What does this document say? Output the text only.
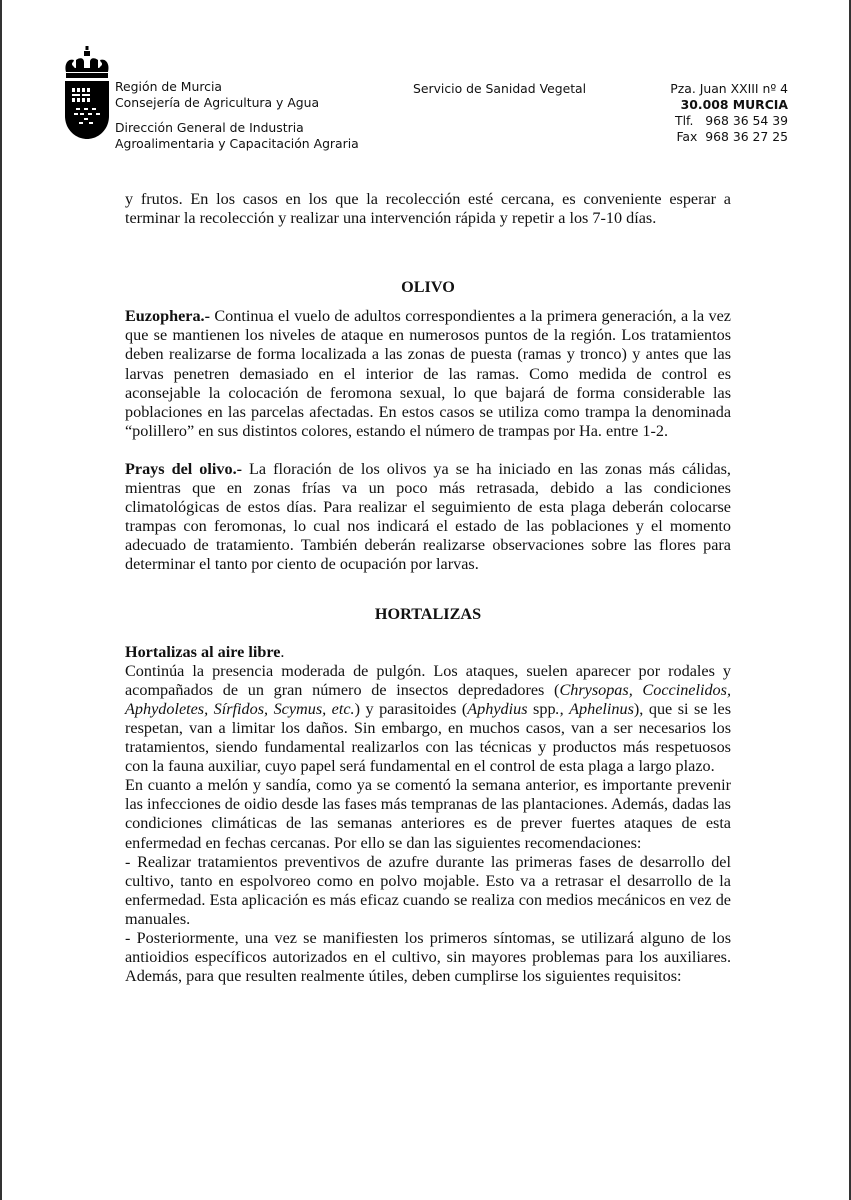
Región de Murcia
Consejería de Agricultura y Agua
Dirección General de Industria
Agroalimentaria y Capacitación Agraria
Servicio de Sanidad Vegetal	Pza. Juan XXIII nº 4
30.008 MURCIA
Tlf.   968 36 54 39
Fax  968 36 27 25

y frutos. En los casos en los que la recolección esté cercana, es conveniente esperar a terminar la recolección y realizar una intervención rápida y repetir a los 7-10 días.

OLIVO

Euzophera.- Continua el vuelo de adultos correspondientes a la primera generación, a la vez que se mantienen los niveles de ataque en numerosos puntos de la región. Los tratamientos deben realizarse de forma localizada a las zonas de puesta (ramas y tronco) y antes que las larvas penetren demasiado en el interior de las ramas. Como medida de control es aconsejable la colocación de feromona sexual, lo que bajará de forma considerable las poblaciones en las parcelas afectadas. En estos casos se utiliza como trampa la denominada “polillero” en sus distintos colores, estando el número de trampas por Ha. entre 1-2.

Prays del olivo.- La floración de los olivos ya se ha iniciado en las zonas más cálidas, mientras que en zonas frías va un poco más retrasada, debido a las condiciones climatológicas de estos días. Para realizar el seguimiento de esta plaga deberán colocarse trampas con feromonas, lo cual nos indicará el estado de las poblaciones y el momento adecuado de tratamiento. También deberán realizarse observaciones sobre las flores para determinar el tanto por ciento de ocupación por larvas.

HORTALIZAS

Hortalizas al aire libre.

Continúa la presencia moderada de pulgón. Los ataques, suelen aparecer por rodales y acompañados de un gran número de insectos depredadores (Chrysopas, Coccinelidos, Aphydoletes, Sírfidos, Scymus, etc.) y parasitoides (Aphydius spp., Aphelinus), que si se les respetan, van a limitar los daños. Sin embargo, en muchos casos, van a ser necesarios los tratamientos, siendo fundamental realizarlos con las técnicas y productos más respetuosos con la fauna auxiliar, cuyo papel será fundamental en el control de esta plaga a largo plazo.

En cuanto a melón y sandía, como ya se comentó la semana anterior, es importante prevenir las infecciones de oidio desde las fases más tempranas de las plantaciones. Además, dadas las condiciones climáticas de las semanas anteriores es de prever fuertes ataques de esta enfermedad en fechas cercanas. Por ello se dan las siguientes recomendaciones:

- Realizar tratamientos preventivos de azufre durante las primeras fases de desarrollo del cultivo, tanto en espolvoreo como en polvo mojable. Esto va a retrasar el desarrollo de la enfermedad. Esta aplicación es más eficaz cuando se realiza con medios mecánicos en vez de manuales.

- Posteriormente, una vez se manifiesten los primeros síntomas, se utilizará alguno de los antioidios específicos autorizados en el cultivo, sin mayores problemas para los auxiliares. Además, para que resulten realmente útiles, deben cumplirse los siguientes requisitos:
